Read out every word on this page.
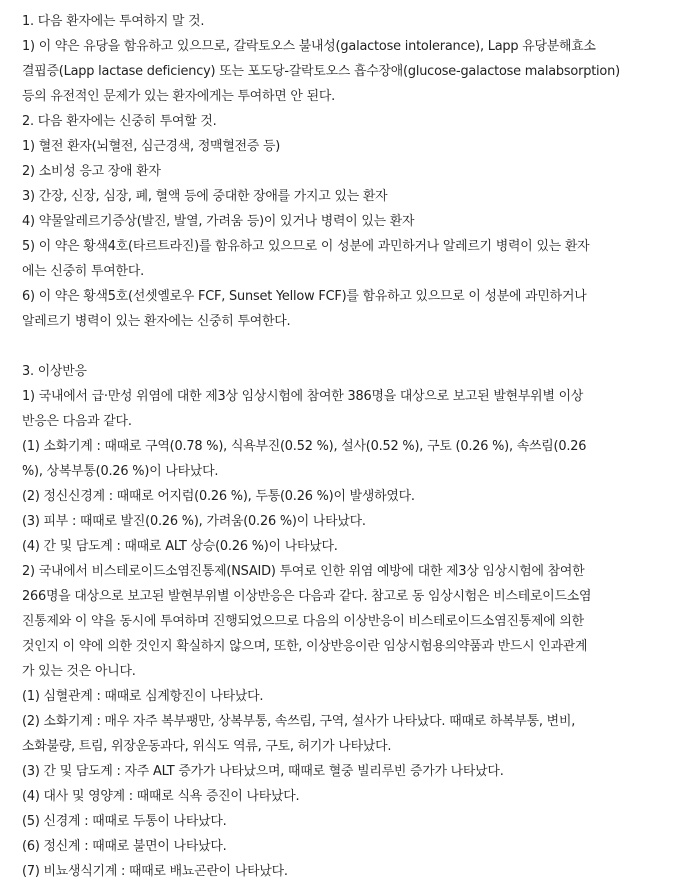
1. 다음 환자에는 투여하지 말 것.
1) 이 약은 유당을 함유하고 있으므로, 갈락토오스 불내성(galactose intolerance), Lapp 유당분해효소
결핍증(Lapp lactase deficiency) 또는 포도당-갈락토오스 흡수장애(glucose-galactose malabsorption)
등의 유전적인 문제가 있는 환자에게는 투여하면 안 된다.
2. 다음 환자에는 신중히 투여할 것.
1) 혈전 환자(뇌혈전, 심근경색, 정맥혈전증 등)
2) 소비성 응고 장애 환자
3) 간장, 신장, 심장, 폐, 혈액 등에 중대한 장애를 가지고 있는 환자
4) 약물알레르기증상(발진, 발열, 가려움 등)이 있거나 병력이 있는 환자
5) 이 약은 황색4호(타르트라진)를 함유하고 있으므로 이 성분에 과민하거나 알레르기 병력이 있는 환자
에는 신중히 투여한다.
6) 이 약은 황색5호(선셋옐로우 FCF, Sunset Yellow FCF)를 함유하고 있으므로 이 성분에 과민하거나
알레르기 병력이 있는 환자에는 신중히 투여한다.
3. 이상반응
1) 국내에서 급·만성 위염에 대한 제3상 임상시험에 참여한 386명을 대상으로 보고된 발현부위별 이상
반응은 다음과 같다.
(1) 소화기계 : 때때로 구역(0.78 %), 식욕부진(0.52 %), 설사(0.52 %), 구토 (0.26 %), 속쓰림(0.26
%), 상복부통(0.26 %)이 나타났다.
(2) 정신신경계 : 때때로 어지럼(0.26 %), 두통(0.26 %)이 발생하였다.
(3) 피부 : 때때로 발진(0.26 %), 가려움(0.26 %)이 나타났다.
(4) 간 및 담도계 : 때때로 ALT 상승(0.26 %)이 나타났다.
2) 국내에서 비스테로이드소염진통제(NSAID) 투여로 인한 위염 예방에 대한 제3상 임상시험에 참여한
266명을 대상으로 보고된 발현부위별 이상반응은 다음과 같다. 참고로 동 임상시험은 비스테로이드소염
진통제와 이 약을 동시에 투여하며 진행되었으므로 다음의 이상반응이 비스테로이드소염진통제에 의한
것인지 이 약에 의한 것인지 확실하지 않으며, 또한, 이상반응이란 임상시험용의약품과 반드시 인과관계
가 있는 것은 아니다.
(1) 심혈관계 : 때때로 심계항진이 나타났다.
(2) 소화기계 : 매우 자주 복부팽만, 상복부통, 속쓰림, 구역, 설사가 나타났다. 때때로 하복부통, 변비,
소화불량, 트림, 위장운동과다, 위식도 역류, 구토, 허기가 나타났다.
(3) 간 및 담도계 : 자주 ALT 증가가 나타났으며, 때때로 혈중 빌리루빈 증가가 나타났다.
(4) 대사 및 영양계 : 때때로 식욕 증진이 나타났다.
(5) 신경계 : 때때로 두통이 나타났다.
(6) 정신계 : 때때로 불면이 나타났다.
(7) 비뇨생식기계 : 때때로 배뇨곤란이 나타났다.
